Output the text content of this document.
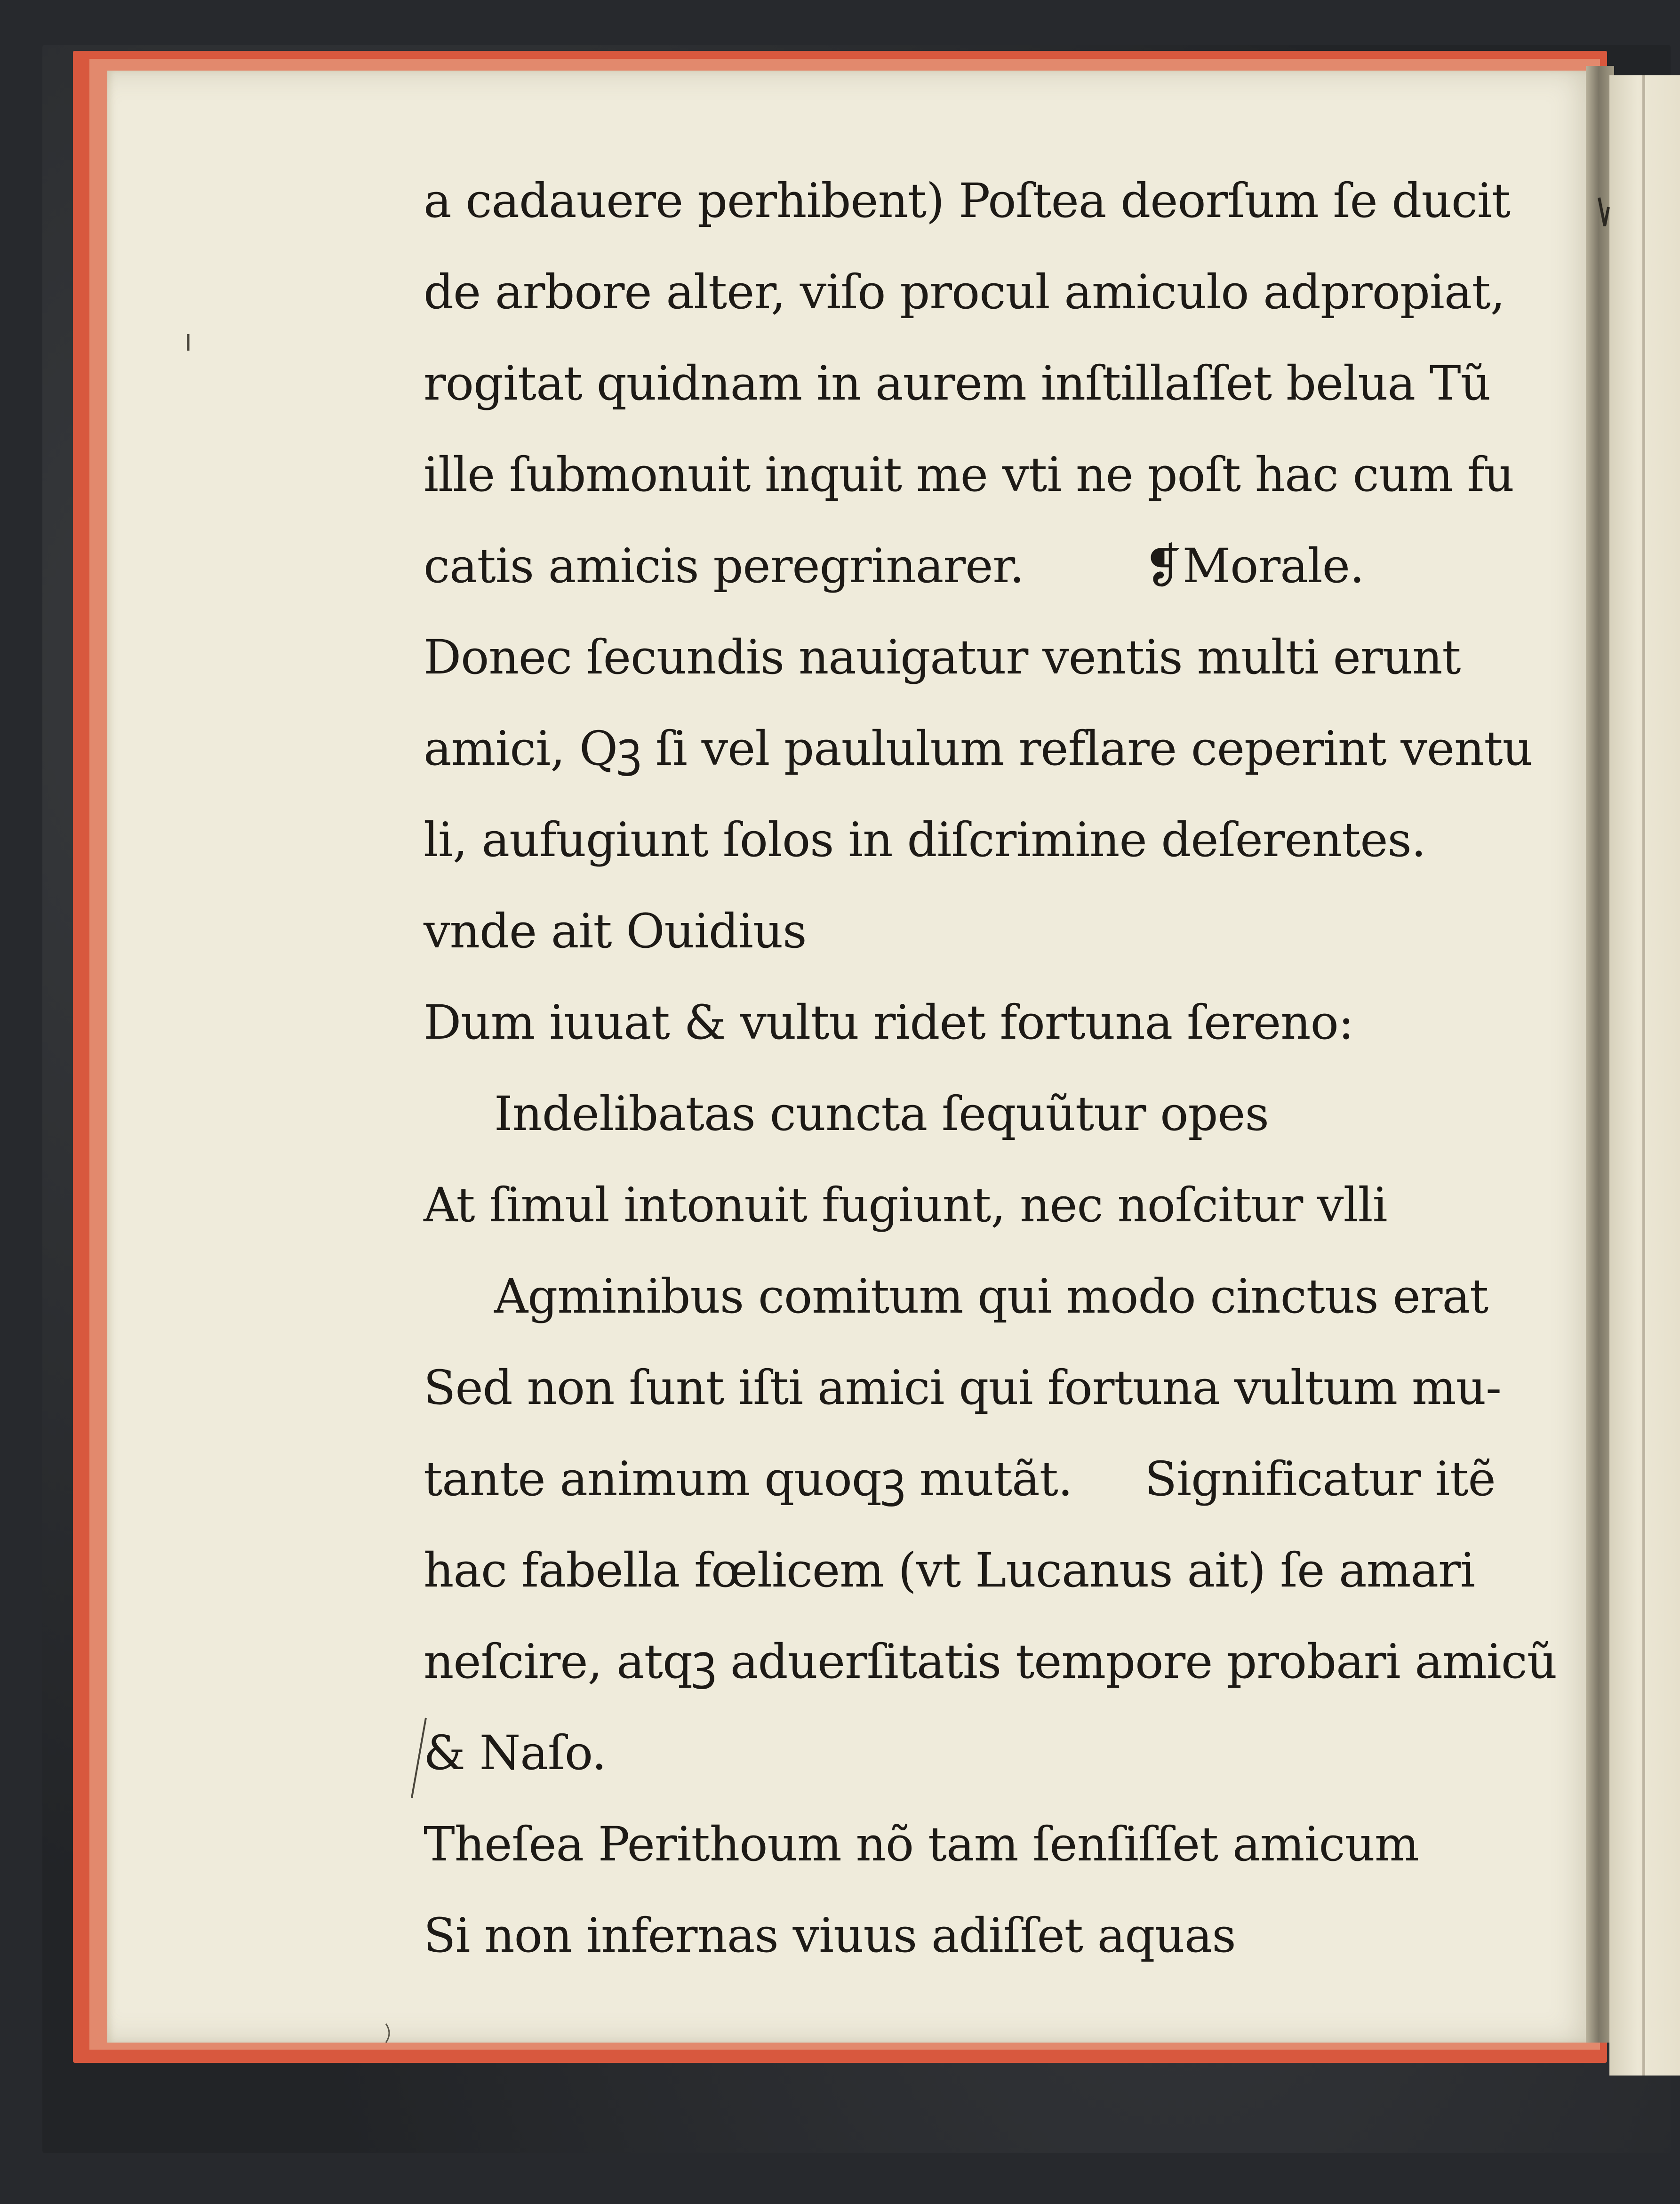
a cadauere perhibent) Poſtea deorſum ſe ducit
de arbore alter, viſo procul amiculo adpropiat,
rogitat quidnam in aurem inſtillaſſet belua Tũ
ille ſubmonuit inquit me vti ne poſt hac cum fu
catis amicis peregrinarer.	❡Morale.
Donec ſecundis nauigatur ventis multi erunt
amici, Qꝫ ſi vel paululum reflare ceperint ventu
li, aufugiunt ſolos in diſcrimine deſerentes.
vnde ait Ouidius
Dum iuuat & vultu ridet fortuna ſereno:
Indelibatas cuncta ſequũtur opes
At ſimul intonuit fugiunt, nec noſcitur vlli
Agminibus comitum qui modo cinctus erat
Sed non ſunt iſti amici qui fortuna vultum mu-
tante animum quoqꝫ mutãt.     Significatur itẽ
hac fabella fœlicem (vt Lucanus ait) ſe amari
neſcire, atqꝫ aduerſitatis tempore probari amicũ
& Naſo.
Theſea Perithoum nõ tam ſenſiſſet amicum
Si non infernas viuus adiſſet aquas
